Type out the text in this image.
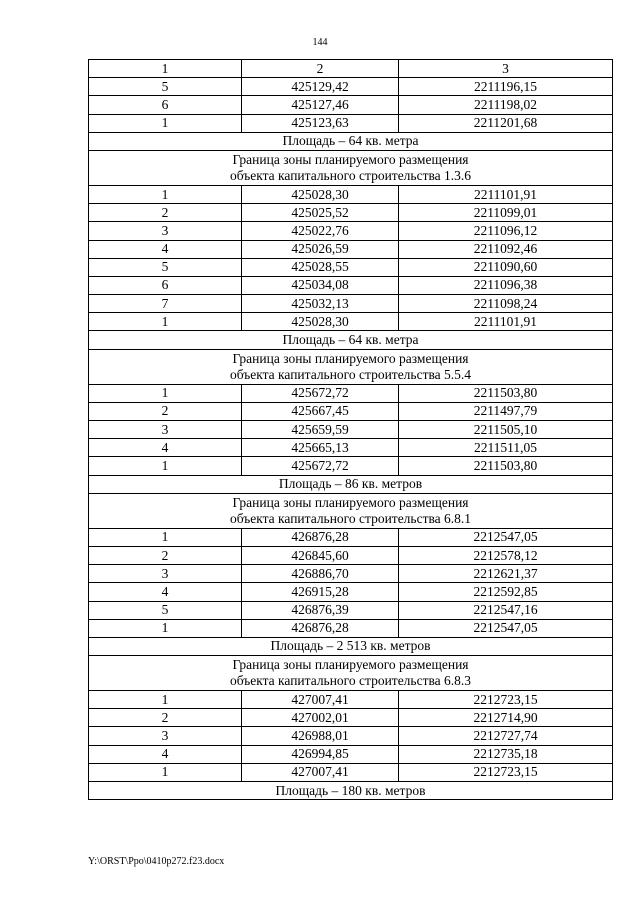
144
1	2	3
5	425129,42	2211196,15
6	425127,46	2211198,02
1	425123,63	2211201,68
Площадь – 64 кв. метра		

Граница зоны планируемого размещения
объекта капитального строительства 1.3.6		

1	425028,30	2211101,91
2	425025,52	2211099,01
3	425022,76	2211096,12
4	425026,59	2211092,46
5	425028,55	2211090,60
6	425034,08	2211096,38
7	425032,13	2211098,24
1	425028,30	2211101,91
Площадь – 64 кв. метра		

Граница зоны планируемого размещения
объекта капитального строительства 5.5.4		

1	425672,72	2211503,80
2	425667,45	2211497,79
3	425659,59	2211505,10
4	425665,13	2211511,05
1	425672,72	2211503,80
Площадь – 86 кв. метров		

Граница зоны планируемого размещения
объекта капитального строительства 6.8.1		

1	426876,28	2212547,05
2	426845,60	2212578,12
3	426886,70	2212621,37
4	426915,28	2212592,85
5	426876,39	2212547,16
1	426876,28	2212547,05
Площадь – 2 513 кв. метров		

Граница зоны планируемого размещения
объекта капитального строительства 6.8.3		

1	427007,41	2212723,15
2	427002,01	2212714,90
3	426988,01	2212727,74
4	426994,85	2212735,18
1	427007,41	2212723,15
Площадь – 180 кв. метров		
Y:\ORST\Ppo\0410p272.f23.docx
